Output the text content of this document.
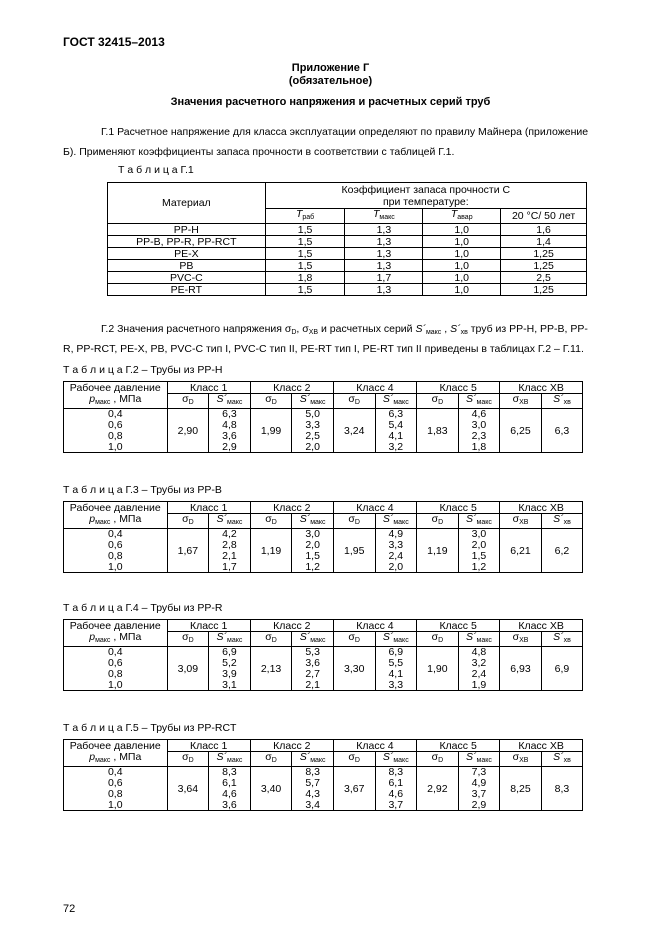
ГОСТ 32415–2013
Приложение Г
(обязательное)
Значения расчетного напряжения и расчетных серий труб
Г.1 Расчетное напряжение для класса эксплуатации определяют по правилу Майнера (приложение
Б). Применяют коэффициенты запаса прочности в соответствии с таблицей Г.1.
Т а б л и ц а Г.1
Материал	Коэффициент запаса прочности C
при температуре:			
	$T_{раб}$	$T_{макс}$	$T_{авар}$	20 °C/ 50 лет
PP-H	1,5	1,3	1,0	1,6
PP-B, PP-R, PP-RCT	1,5	1,3	1,0	1,4
PE-X	1,5	1,3	1,0	1,25
PB	1,5	1,3	1,0	1,25
PVC-C	1,8	1,7	1,0	2,5
PE-RT	1,5	1,3	1,0	1,25
Г.2 Значения расчетного напряжения $\sigma_D$, $\sigma_{XB}$ и расчетных серий $S´_{макс}$ , $S´_{хв}$ труб из PP-H, PP-B, PP-
R, PP-RCT, PE-X, PB, PVC-C тип I, PVC-C тип II, PE-RT тип I, PE-RT тип II приведены в таблицах Г.2 – Г.11.
Т а б л и ц а Г.2 – Трубы из PP-H
Рабочее давление	Класс 1		Класс 2		Класс 4		Класс 5		Класс XB	
$p_{макс}$ , МПа	$\sigma_D$	$S´_{макс}$	$\sigma_D$	$S´_{макс}$	$\sigma_D$	$S´_{макс}$	$\sigma_D$	$S´_{макс}$	$\sigma_{XB}$	$S´_{хв}$
0,4	2,90	6,3	1,99	5,0	3,24	6,3	1,83	4,6	6,25	6,3
0,6		4,8		3,3		5,4		3,0		
0,8		3,6		2,5		4,1		2,3		
1,0		2,9		2,0		3,2		1,8		
Т а б л и ц а Г.3 – Трубы из PP-B
Рабочее давление	Класс 1		Класс 2		Класс 4		Класс 5		Класс XB	
$p_{макс}$ , МПа	$\sigma_D$	$S´_{макс}$	$\sigma_D$	$S´_{макс}$	$\sigma_D$	$S´_{макс}$	$\sigma_D$	$S´_{макс}$	$\sigma_{XB}$	$S´_{хв}$
0,4	1,67	4,2	1,19	3,0	1,95	4,9	1,19	3,0	6,21	6,2
0,6		2,8		2,0		3,3		2,0		
0,8		2,1		1,5		2,4		1,5		
1,0		1,7		1,2		2,0		1,2		
Т а б л и ц а Г.4 – Трубы из PP-R
Рабочее давление	Класс 1		Класс 2		Класс 4		Класс 5		Класс XB	
$p_{макс}$ , МПа	$\sigma_D$	$S´_{макс}$	$\sigma_D$	$S´_{макс}$	$\sigma_D$	$S´_{макс}$	$\sigma_D$	$S´_{макс}$	$\sigma_{XB}$	$S´_{хв}$
0,4	3,09	6,9	2,13	5,3	3,30	6,9	1,90	4,8	6,93	6,9
0,6		5,2		3,6		5,5		3,2		
0,8		3,9		2,7		4,1		2,4		
1,0		3,1		2,1		3,3		1,9		
Т а б л и ц а Г.5 – Трубы из PP-RCT
Рабочее давление	Класс 1		Класс 2		Класс 4		Класс 5		Класс XB	
$p_{макс}$ , МПа	$\sigma_D$	$S´_{макс}$	$\sigma_D$	$S´_{макс}$	$\sigma_D$	$S´_{макс}$	$\sigma_D$	$S´_{макс}$	$\sigma_{XB}$	$S´_{хв}$
0,4	3,64	8,3	3,40	8,3	3,67	8,3	2,92	7,3	8,25	8,3
0,6		6,1		5,7		6,1		4,9		
0,8		4,6		4,3		4,6		3,7		
1,0		3,6		3,4		3,7		2,9		
72
